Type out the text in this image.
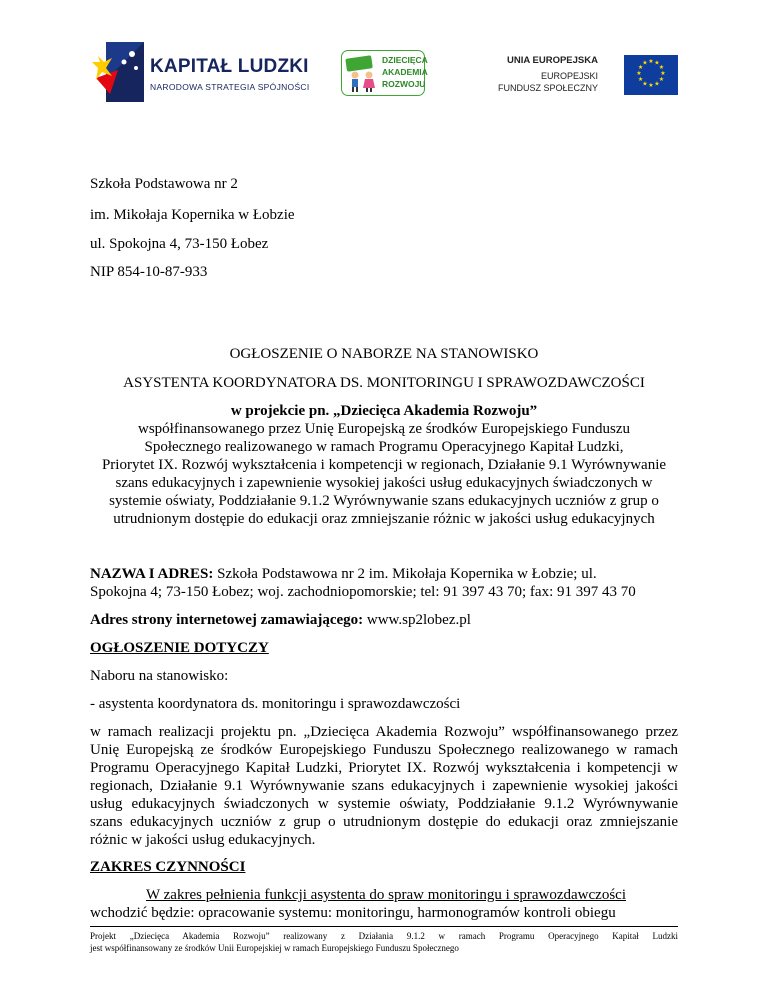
KAPITAŁ LUDZKI
NARODOWA STRATEGIA SPÓJNOŚCI
DZIECIĘCA
AKADEMIA
ROZWOJU
UNIA EUROPEJSKA
EUROPEJSKI
FUNDUSZ SPOŁECZNY
★ ★
★
★
★
★
★
★
★
★
★
★
Szkoła Podstawowa nr 2
im. Mikołaja Kopernika w Łobzie
ul. Spokojna 4, 73-150 Łobez
NIP 854-10-87-933
OGŁOSZENIE O NABORZE NA STANOWISKO
ASYSTENTA KOORDYNATORA DS. MONITORINGU I SPRAWOZDAWCZOŚCI
w projekcie pn. „Dziecięca Akademia Rozwoju”
współfinansowanego przez Unię Europejską ze środków Europejskiego Funduszu
Społecznego realizowanego w ramach Programu Operacyjnego Kapitał Ludzki,
Priorytet IX. Rozwój wykształcenia i kompetencji w regionach, Działanie 9.1 Wyrównywanie
szans edukacyjnych i zapewnienie wysokiej jakości usług edukacyjnych świadczonych w
systemie oświaty, Poddziałanie 9.1.2 Wyrównywanie szans edukacyjnych uczniów z grup o
utrudnionym dostępie do edukacji oraz zmniejszanie różnic w jakości usług edukacyjnych
NAZWA I ADRES: Szkoła Podstawowa nr 2 im. Mikołaja Kopernika w Łobzie; ul.
Spokojna 4; 73-150 Łobez; woj. zachodniopomorskie; tel: 91 397 43 70; fax: 91 397 43 70
Adres strony internetowej zamawiającego: www.sp2lobez.pl
OGŁOSZENIE DOTYCZY
Naboru na stanowisko:
- asystenta koordynatora ds. monitoringu i sprawozdawczości
w ramach realizacji projektu pn. „Dziecięca Akademia Rozwoju” współfinansowanego przez
Unię Europejską ze środków Europejskiego Funduszu Społecznego realizowanego w ramach
Programu Operacyjnego Kapitał Ludzki, Priorytet IX. Rozwój wykształcenia i kompetencji w
regionach, Działanie 9.1 Wyrównywanie szans edukacyjnych i zapewnienie wysokiej jakości
usług edukacyjnych świadczonych w systemie oświaty, Poddziałanie 9.1.2 Wyrównywanie
szans edukacyjnych uczniów z grup o utrudnionym dostępie do edukacji oraz zmniejszanie
różnic w jakości usług edukacyjnych.
ZAKRES CZYNNOŚCI
W zakres pełnienia funkcji asystenta do spraw monitoringu i sprawozdawczości
wchodzić będzie: opracowanie systemu: monitoringu, harmonogramów kontroli obiegu
Projekt „Dziecięca Akademia Rozwoju” realizowany z Działania 9.1.2 w ramach Programu Operacyjnego Kapitał Ludzki
jest współfinansowany ze środków Unii Europejskiej w ramach Europejskiego Funduszu Społecznego
